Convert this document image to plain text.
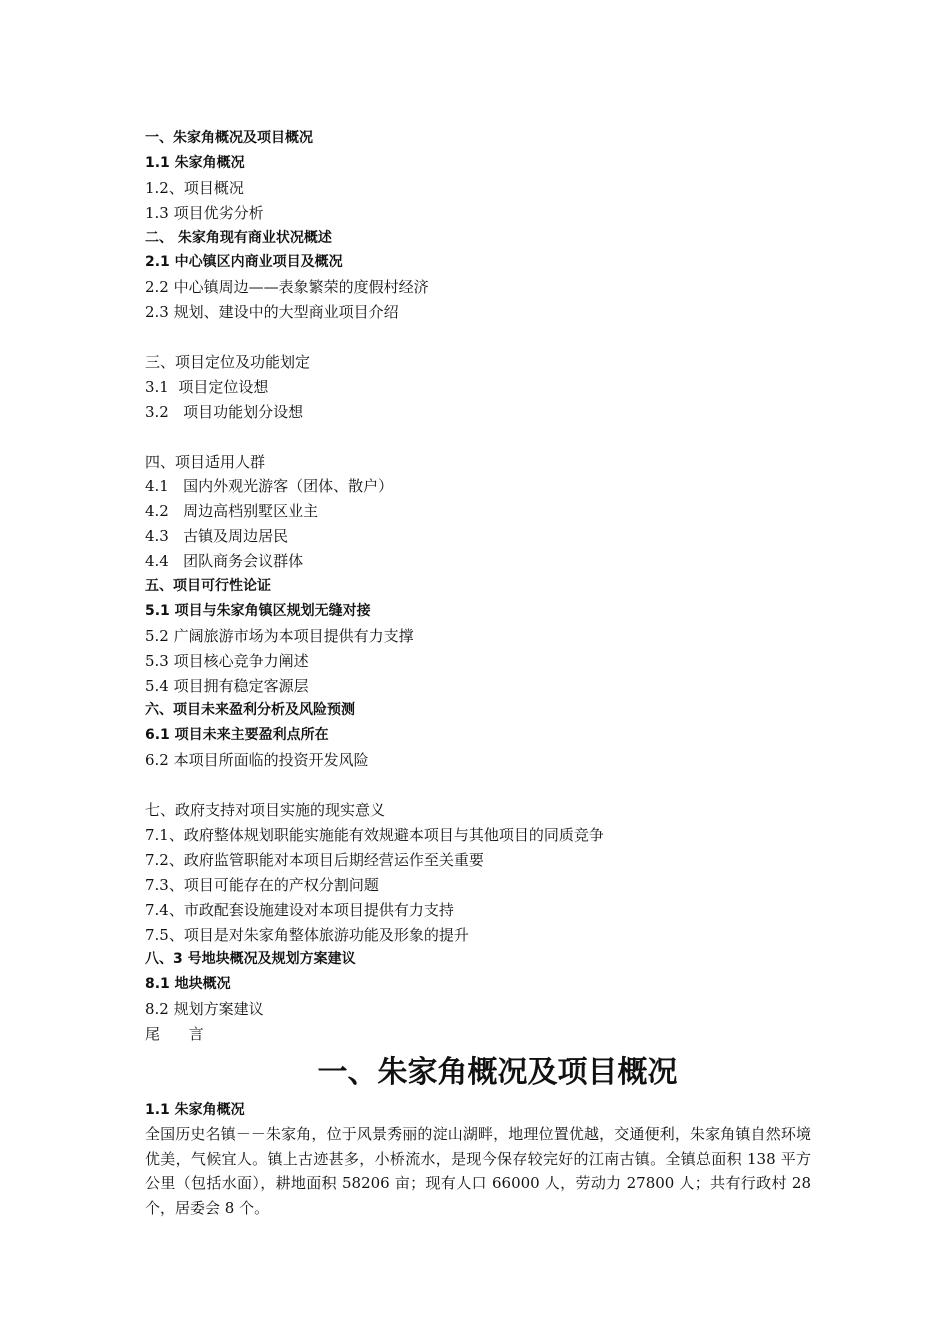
一、朱家角概况及项目概况
1.1 朱家角概况
1.2、项目概况
1.3 项目优劣分析
二、 朱家角现有商业状况概述
2.1 中心镇区内商业项目及概况
2.2 中心镇周边——表象繁荣的度假村经济
2.3 规划、建设中的大型商业项目介绍
三、项目定位及功能划定
3.1  项目定位设想
3.2   项目功能划分设想
四、项目适用人群
4.1   国内外观光游客（团体、散户）
4.2   周边高档别墅区业主
4.3   古镇及周边居民
4.4   团队商务会议群体
五、项目可行性论证
5.1 项目与朱家角镇区规划无缝对接
5.2 广阔旅游市场为本项目提供有力支撑
5.3 项目核心竞争力阐述
5.4 项目拥有稳定客源层
六、项目未来盈利分析及风险预测
6.1 项目未来主要盈利点所在
6.2 本项目所面临的投资开发风险
七、政府支持对项目实施的现实意义
7.1、政府整体规划职能实施能有效规避本项目与其他项目的同质竞争
7.2、政府监管职能对本项目后期经营运作至关重要
7.3、项目可能存在的产权分割问题
7.4、市政配套设施建设对本项目提供有力支持
7.5、项目是对朱家角整体旅游功能及形象的提升
八、3 号地块概况及规划方案建议
8.1 地块概况
8.2 规划方案建议
尾      言
一、朱家角概况及项目概况
1.1 朱家角概况
全国历史名镇－－朱家角，位于风景秀丽的淀山湖畔，地理位置优越，交通便利，朱家角镇自然环境优美，气候宜人。镇上古迹甚多，小桥流水，是现今保存较完好的江南古镇。全镇总面积 138 平方公里（包括水面），耕地面积 58206 亩；现有人口 66000 人，劳动力 27800 人；共有行政村 28 个，居委会 8 个。
